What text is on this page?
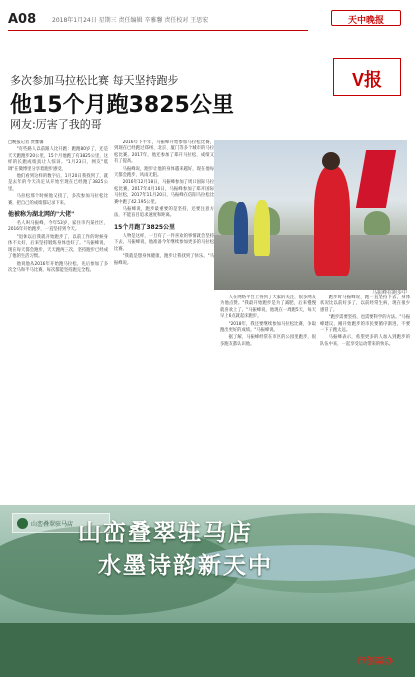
A08	2018年1月24日 星期三 责任编辑 辛雅馨 责任校对 王思宏	天中晚报
V报
多次参加马拉松比赛 每天坚持跑步
他15个月跑3825公里
网友:厉害了我的哥
马振峰在跑步中

□晚报记者 贾雅馨

"有些路人以前跟人比开跑：跑跑80岁了，还是天天跑跑步20公里，15个月他跑了有3825公里，这样的长跑成绩真让人惊讶。"1月23日，网友"低调"在微博里分享着跑步感受。

他们看到这样的数字后，1月20日我找到了，就是去年的今天决定从开始至现在已经跑了3825公里。

马拉松那个时候他又找了，多次参加马拉松比赛，把自己的成绩都记录下来。

他被称为湖北网的"大佬"

名人叫马振峰，今年53岁，家住市内某社区，2016年开始跑步，一直坚持到今天。

"退休以后我就开始跑步了，以前工作的时候身体不太好，后来坚持锻炼身体也好了。"马振峰说，现在每天都会跑步，天天跑两三次，坚持跑步已经成了他的生活习惯。

他说他从2016年开始跑马拉松，先后参加了多次全马和半马比赛，每次都能坚持跑完全程。

2016年下半年，马振峰开始参加马拉松比赛，到现在已经跑过郑州、北京、厦门等多个城市的马拉松比赛。2017年，他还参加了郑开马拉松，成绩又有了提高。

马振峰说，跑步让他的身体越来越好，现在他每天都会跑步，风雨无阻。

2016年12月18日，马振峰参加了周口国际马拉松比赛，2017年4月16日，马振峰参加了郑开国际马拉松，2017年11月20日，马振峰在信阳马拉松比赛中跑了42.195公里。

马振峰说，跑步最重要的是坚持，还要注意方法，不能盲目追求速度和距离。

15个月跑了3825公里

人物是这样，一旦有了一件喜欢的事情就会坚持下去，马振峰说，他准备今年继续参加更多的马拉松比赛。

"我就是想身体健康，跑步让我找到了快乐。"马振峰说。

人在网络平台上得到了大家的关注，很多网友为他点赞。"我最开始跑步是为了减肥，后来慢慢就喜欢上了。"马振峰说，他现在一周跑5天，每天早上6点就起床跑步。

"2018年，我还要继续参加马拉松比赛，争取跑出更好的成绩。"马振峰说。

据了解，马振峰经常在市区的公园里跑步，很多跑友都认识他。

跑步时马振峰说，跑一直坚持下去，身体状况比以前好多了，以前经常生病，现在很少感冒了。

"跑步需要坚持，也需要科学的方法。"马振峰建议，刚开始跑步的市民要循序渐进，不要一下子跑太远。

马振峰表示，希望更多的人加入到跑步的队伍中来，一起享受运动带来的快乐。

山峦叠翠驻马店 山峦叠翠驻马店
水墨诗韵新天中
市创森办
